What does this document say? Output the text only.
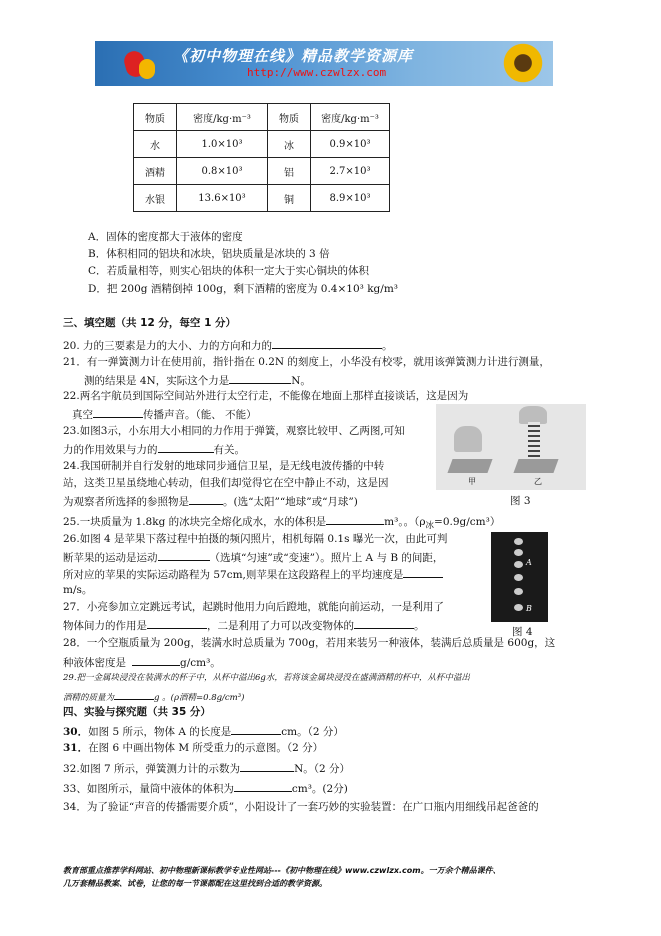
《初中物理在线》精品教学资源库
http://www.czwlzx.com
物质	密度/kg·m⁻³	物质	密度/kg·m⁻³
水	1.0×10³	冰	0.9×10³
酒精	0.8×10³	铝	2.7×10³
水银	13.6×10³	铜	8.9×10³
A．固体的密度都大于液体的密度
B．体积相同的铝块和冰块，铝块质量是冰块的 3 倍
C．若质量相等，则实心铝块的体积一定大于实心铜块的体积
D．把 200g 酒精倒掉 100g，剩下酒精的密度为 0.4×10³ kg/m³
三、填空题（共 12 分，每空 1 分）
20. 力的三要素是力的大小、力的方向和力的	。
21．有一弹簧测力计在使用前，指针指在 0.2N 的刻度上，小华没有校零，就用该弹簧测力计进行测量，
测的结果是 4N，实际这个力是	N。
22.两名宇航员到国际空间站外进行太空行走，不能像在地面上那样直接谈话，这是因为
真空	传播声音。（能、 不能）
23.如图3示，小东用大小相同的力作用于弹簧，观察比较甲、乙两图,可知
力的作用效果与力的	有关。
24.我国研制并自行发射的地球同步通信卫星，是无线电波传播的中转
站，这类卫星虽绕地心转动，但我们却觉得它在空中静止不动，这是因
为观察者所选择的参照物是	。(选“太阳”“地球”或“月球”)
甲	乙
图 3
25.一块质量为 1.8kg 的冰块完全熔化成水，水的体积是	m³。。$(\rho_冰=0.9g/cm^3)$
26.如图 4 是苹果下落过程中拍摄的频闪照片，相机每隔 0.1s 曝光一次，由此可判
断苹果的运动是运动	（选填“匀速”或“变速”）。照片上 A 与 B 的间距，
所对应的苹果的实际运动路程为 57cm,则苹果在这段路程上的平均速度是
m/s。
A
B
图 4
27．小亮参加立定跳远考试，起跳时他用力向后蹬地，就能向前运动，一是利用了
物体间力的作用是	，二是利用了力可以改变物体的	。
28．一个空瓶质量为 200g，装满水时总质量为 700g，若用来装另一种液体，装满后总质量是 600g，这
种液体密度是	g/cm³。
29.把一金属块浸没在装满水的杯子中，从杯中溢出6g水，若将该金属块浸没在盛满酒精的杯中，从杯中溢出
酒精的质量为	g 。(ρ酒精=0.8g/cm³)
四、实验与探究题（共 35 分）
30．如图 5 所示，物体 A 的长度是	cm。（2 分）
31．在图 6 中画出物体 M 所受重力的示意图。（2 分）
32.如图 7 所示，弹簧测力计的示数为	N。（2 分）
33、如图所示，量筒中液体的体积为	cm³。(2分)
34．为了验证“声音的传播需要介质”，小阳设计了一套巧妙的实验装置：在广口瓶内用细线吊起爸爸的
教育部重点推荐学科网站、初中物理新课标教学专业性网站---《初中物理在线》www.czwlzx.com。一万余个精品课件、
几万套精品教案、试卷，让您的每一节课都配在这里找到合适的教学资源。
